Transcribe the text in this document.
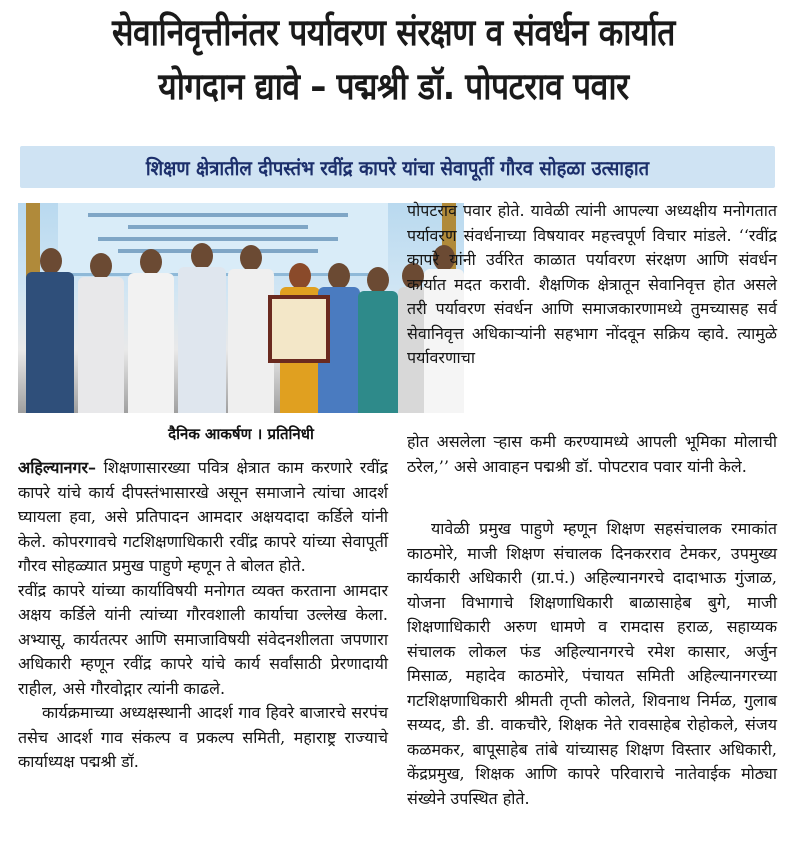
सेवानिवृत्तीनंतर पर्यावरण संरक्षण व संवर्धन कार्यात
योगदान द्यावे – पद्मश्री डॉ. पोपटराव पवार
शिक्षण क्षेत्रातील दीपस्तंभ रवींद्र कापरे यांचा सेवापूर्ती गौरव सोहळा उत्साहात
दैनिक आकर्षण । प्रतिनिधी

अहिल्यानगर– शिक्षणासारख्या पवित्र क्षेत्रात काम करणारे रवींद्र कापरे यांचे कार्य दीपस्तंभासारखे असून समाजाने त्यांचा आदर्श घ्यायला हवा, असे प्रतिपादन आमदार अक्षयदादा कर्डिले यांनी केले. कोपरगावचे गटशिक्षणाधिकारी रवींद्र कापरे यांच्या सेवापूर्ती गौरव सोहळ्यात प्रमुख पाहुणे म्हणून ते बोलत होते.

रवींद्र कापरे यांच्या कार्याविषयी मनोगत व्यक्त करताना आमदार अक्षय कर्डिले यांनी त्यांच्या गौरवशाली कार्याचा उल्लेख केला. अभ्यासू, कार्यतत्पर आणि समाजाविषयी संवेदनशीलता जपणारा अधिकारी म्हणून रवींद्र कापरे यांचे कार्य सर्वांसाठी प्रेरणादायी राहील, असे गौरवोद्गार त्यांनी काढले.

कार्यक्रमाच्या अध्यक्षस्थानी आदर्श गाव हिवरे बाजारचे सरपंच तसेच आदर्श गाव संकल्प व प्रकल्प समिती, महाराष्ट्र राज्याचे कार्याध्यक्ष पद्मश्री डॉ.

पोपटराव पवार होते. यावेळी त्यांनी आपल्या अध्यक्षीय मनोगतात पर्यावरण संवर्धनाच्या विषयावर महत्त्वपूर्ण विचार मांडले. ‘‘रवींद्र कापरे यांनी उर्वरित काळात पर्यावरण संरक्षण आणि संवर्धन कार्यात मदत करावी. शैक्षणिक क्षेत्रातून सेवानिवृत्त होत असले तरी पर्यावरण संवर्धन आणि समाजकारणामध्ये तुमच्यासह सर्व सेवानिवृत्त अधिकाऱ्यांनी सहभाग नोंदवून सक्रिय व्हावे. त्यामुळे पर्यावरणाचा
होत असलेला ऱ्हास कमी करण्यामध्ये आपली भूमिका मोलाची ठरेल,’’ असे आवाहन पद्मश्री डॉ. पोपटराव पवार यांनी केले.
यावेळी प्रमुख पाहुणे म्हणून शिक्षण सहसंचालक रमाकांत काठमोरे, माजी शिक्षण संचालक दिनकरराव टेमकर, उपमुख्य कार्यकारी अधिकारी (ग्रा.पं.) अहिल्यानगरचे दादाभाऊ गुंजाळ, योजना विभागाचे शिक्षणाधिकारी बाळासाहेब बुगे, माजी शिक्षणाधिकारी अरुण धामणे व रामदास हराळ, सहाय्यक संचालक लोकल फंड अहिल्यानगरचे रमेश कासार, अर्जुन मिसाळ, महादेव काठमोरे, पंचायत समिती अहिल्यानगरच्या गटशिक्षणाधिकारी श्रीमती तृप्ती कोलते, शिवनाथ निर्मळ, गुलाब सय्यद, डी. डी. वाकचौरे, शिक्षक नेते रावसाहेब रोहोकले, संजय कळमकर, बापूसाहेब तांबे यांच्यासह शिक्षण विस्तार अधिकारी, केंद्रप्रमुख, शिक्षक आणि कापरे परिवाराचे नातेवाईक मोठ्या संख्येने उपस्थित होते.
